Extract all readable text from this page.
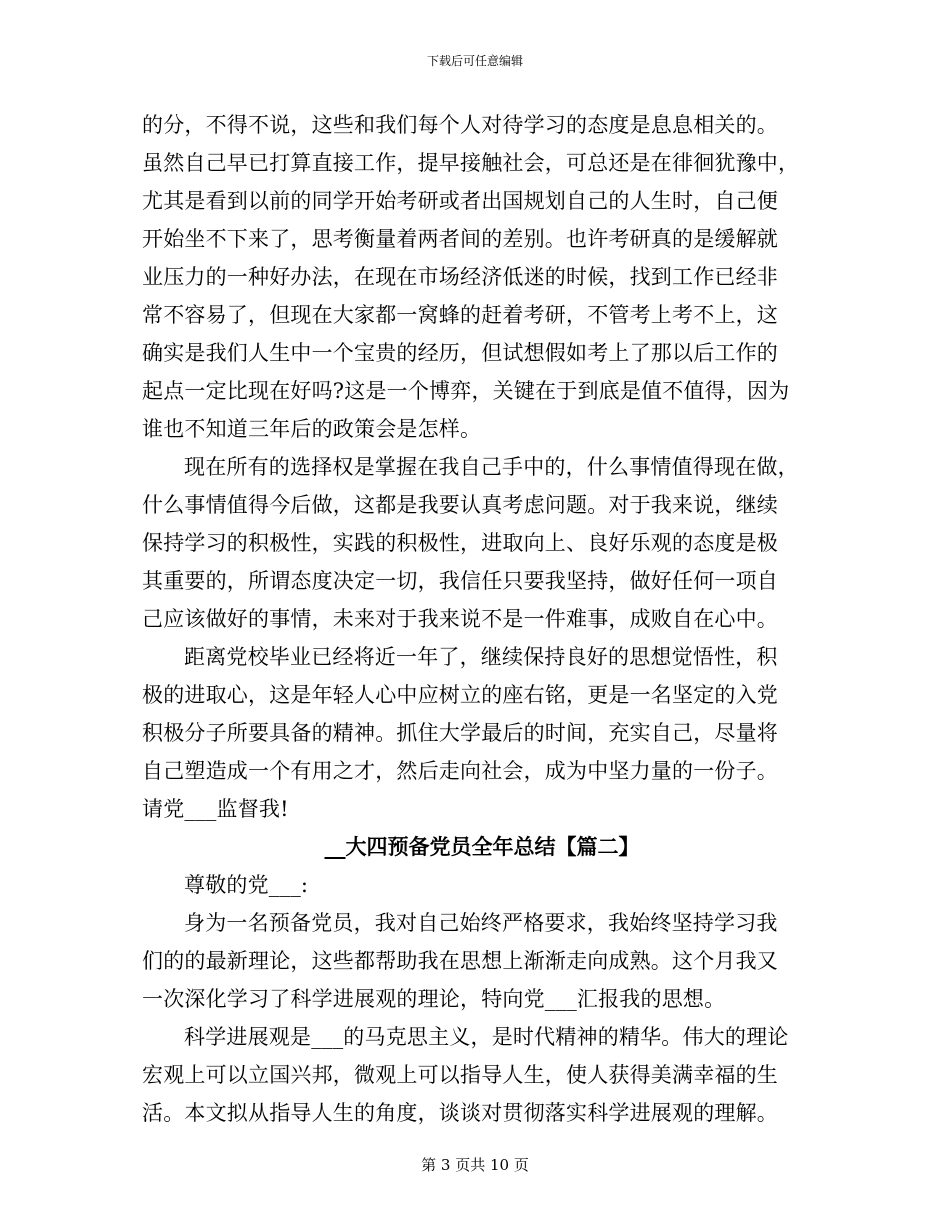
下载后可任意编辑
的分，不得不说，这些和我们每个人对待学习的态度是息息相关的。
虽然自己早已打算直接工作，提早接触社会，可总还是在徘徊犹豫中，
尤其是看到以前的同学开始考研或者出国规划自己的人生时，自己便
开始坐不下来了，思考衡量着两者间的差别。也许考研真的是缓解就
业压力的一种好办法，在现在市场经济低迷的时候，找到工作已经非
常不容易了，但现在大家都一窝蜂的赶着考研，不管考上考不上，这
确实是我们人生中一个宝贵的经历，但试想假如考上了那以后工作的
起点一定比现在好吗?这是一个博弈，关键在于到底是值不值得，因为
谁也不知道三年后的政策会是怎样。
现在所有的选择权是掌握在我自己手中的，什么事情值得现在做，
什么事情值得今后做，这都是我要认真考虑问题。对于我来说，继续
保持学习的积极性，实践的积极性，进取向上、良好乐观的态度是极
其重要的，所谓态度决定一切，我信任只要我坚持，做好任何一项自
己应该做好的事情，未来对于我来说不是一件难事，成败自在心中。
距离党校毕业已经将近一年了，继续保持良好的思想觉悟性，积
极的进取心，这是年轻人心中应树立的座右铭，更是一名坚定的入党
积极分子所要具备的精神。抓住大学最后的时间，充实自己，尽量将
自己塑造成一个有用之才，然后走向社会，成为中坚力量的一份子。
请党___监督我!
__大四预备党员全年总结【篇二】
尊敬的党___:
身为一名预备党员，我对自己始终严格要求，我始终坚持学习我
们的的最新理论，这些都帮助我在思想上渐渐走向成熟。这个月我又
一次深化学习了科学进展观的理论，特向党___汇报我的思想。
科学进展观是___的马克思主义，是时代精神的精华。伟大的理论
宏观上可以立国兴邦，微观上可以指导人生，使人获得美满幸福的生
活。本文拟从指导人生的角度，谈谈对贯彻落实科学进展观的理解。
第 3 页共 10 页
